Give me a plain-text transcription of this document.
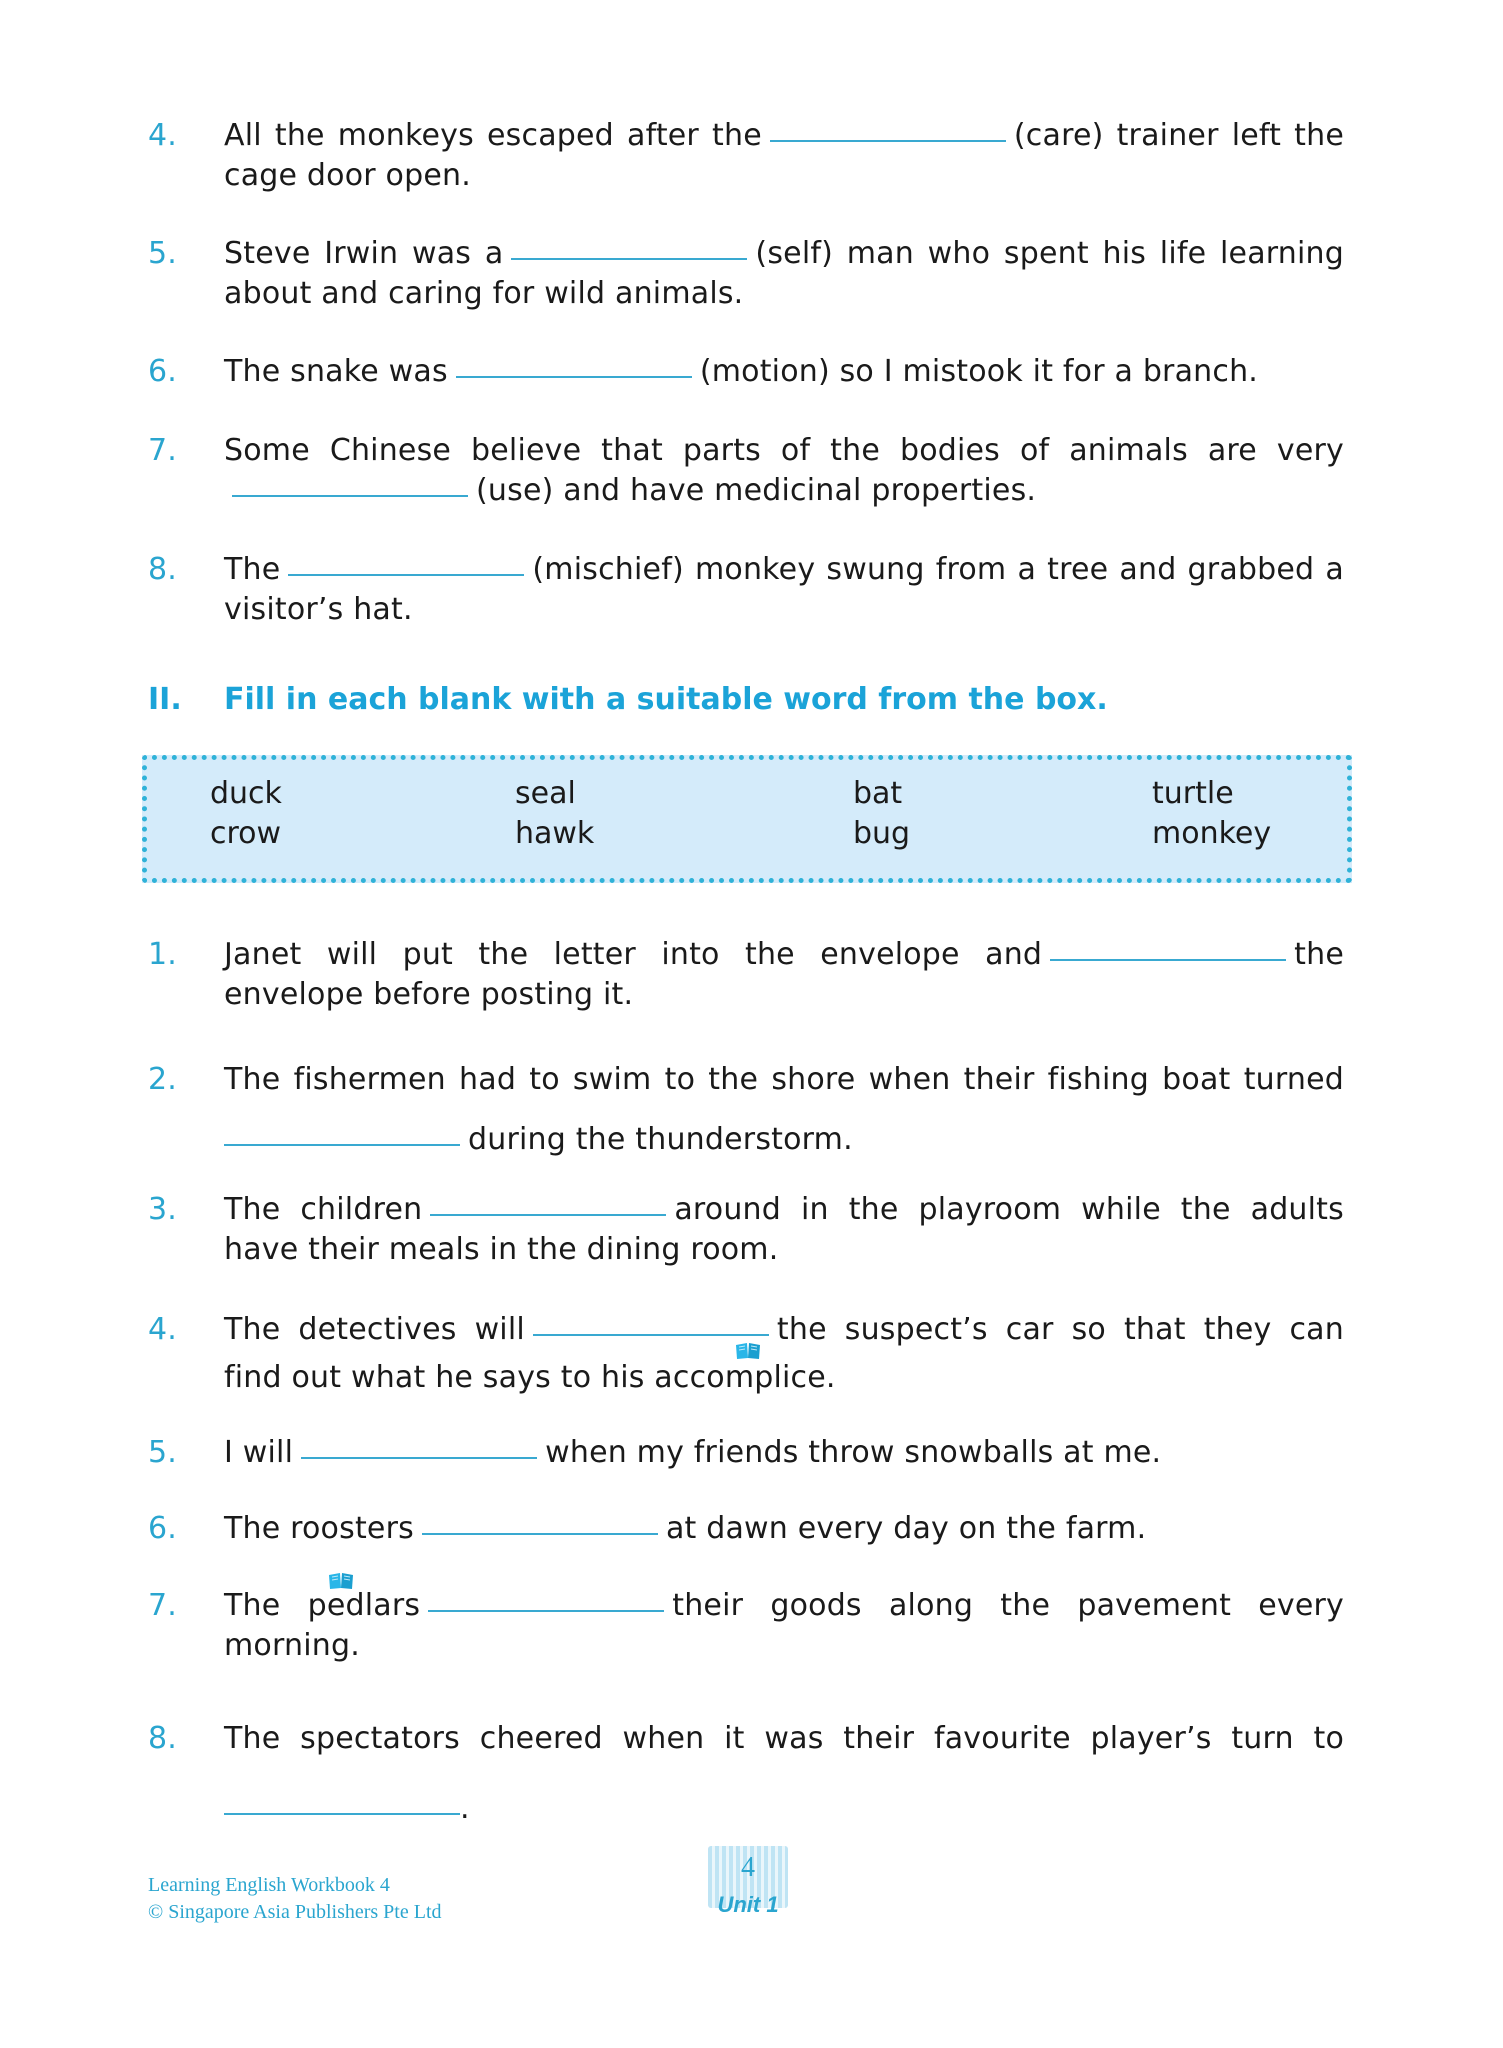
4. All the monkeys escaped after the	(care) trainer left the cage door open.
5. Steve Irwin was a	(self) man who spent his life learning about and caring for wild animals.
6. The snake was	(motion) so I mistook it for a branch.
7. Some Chinese believe that parts of the bodies of animals are very(use) and have medicinal properties.
8. The	(mischief) monkey swung from a tree and grabbed a visitor’s hat.
II. Fill in each blank with a suitable word from the box.
duck	seal	bat	turtle
crow	hawk	bug	monkey
1. Janet will put the letter into the envelope and	the envelope before posting it.
2. The fishermen had to swim to the shore when their fishing boat turnedduring the thunderstorm.
3. The children	around in the playroom while the adults have their meals in the dining room.
4. The detectives will	the suspect’s car so that they can find out what he says to his accomplice.
5. I will	when my friends throw snowballs at me.
6. The roosters	at dawn every day on the farm.
7. The pedlars	their goods along the pavement every morning.
8. The spectators cheered when it was their favourite player’s turn to.
Learning English Workbook 4
© Singapore Asia Publishers Pte Ltd
4
Unit 1
